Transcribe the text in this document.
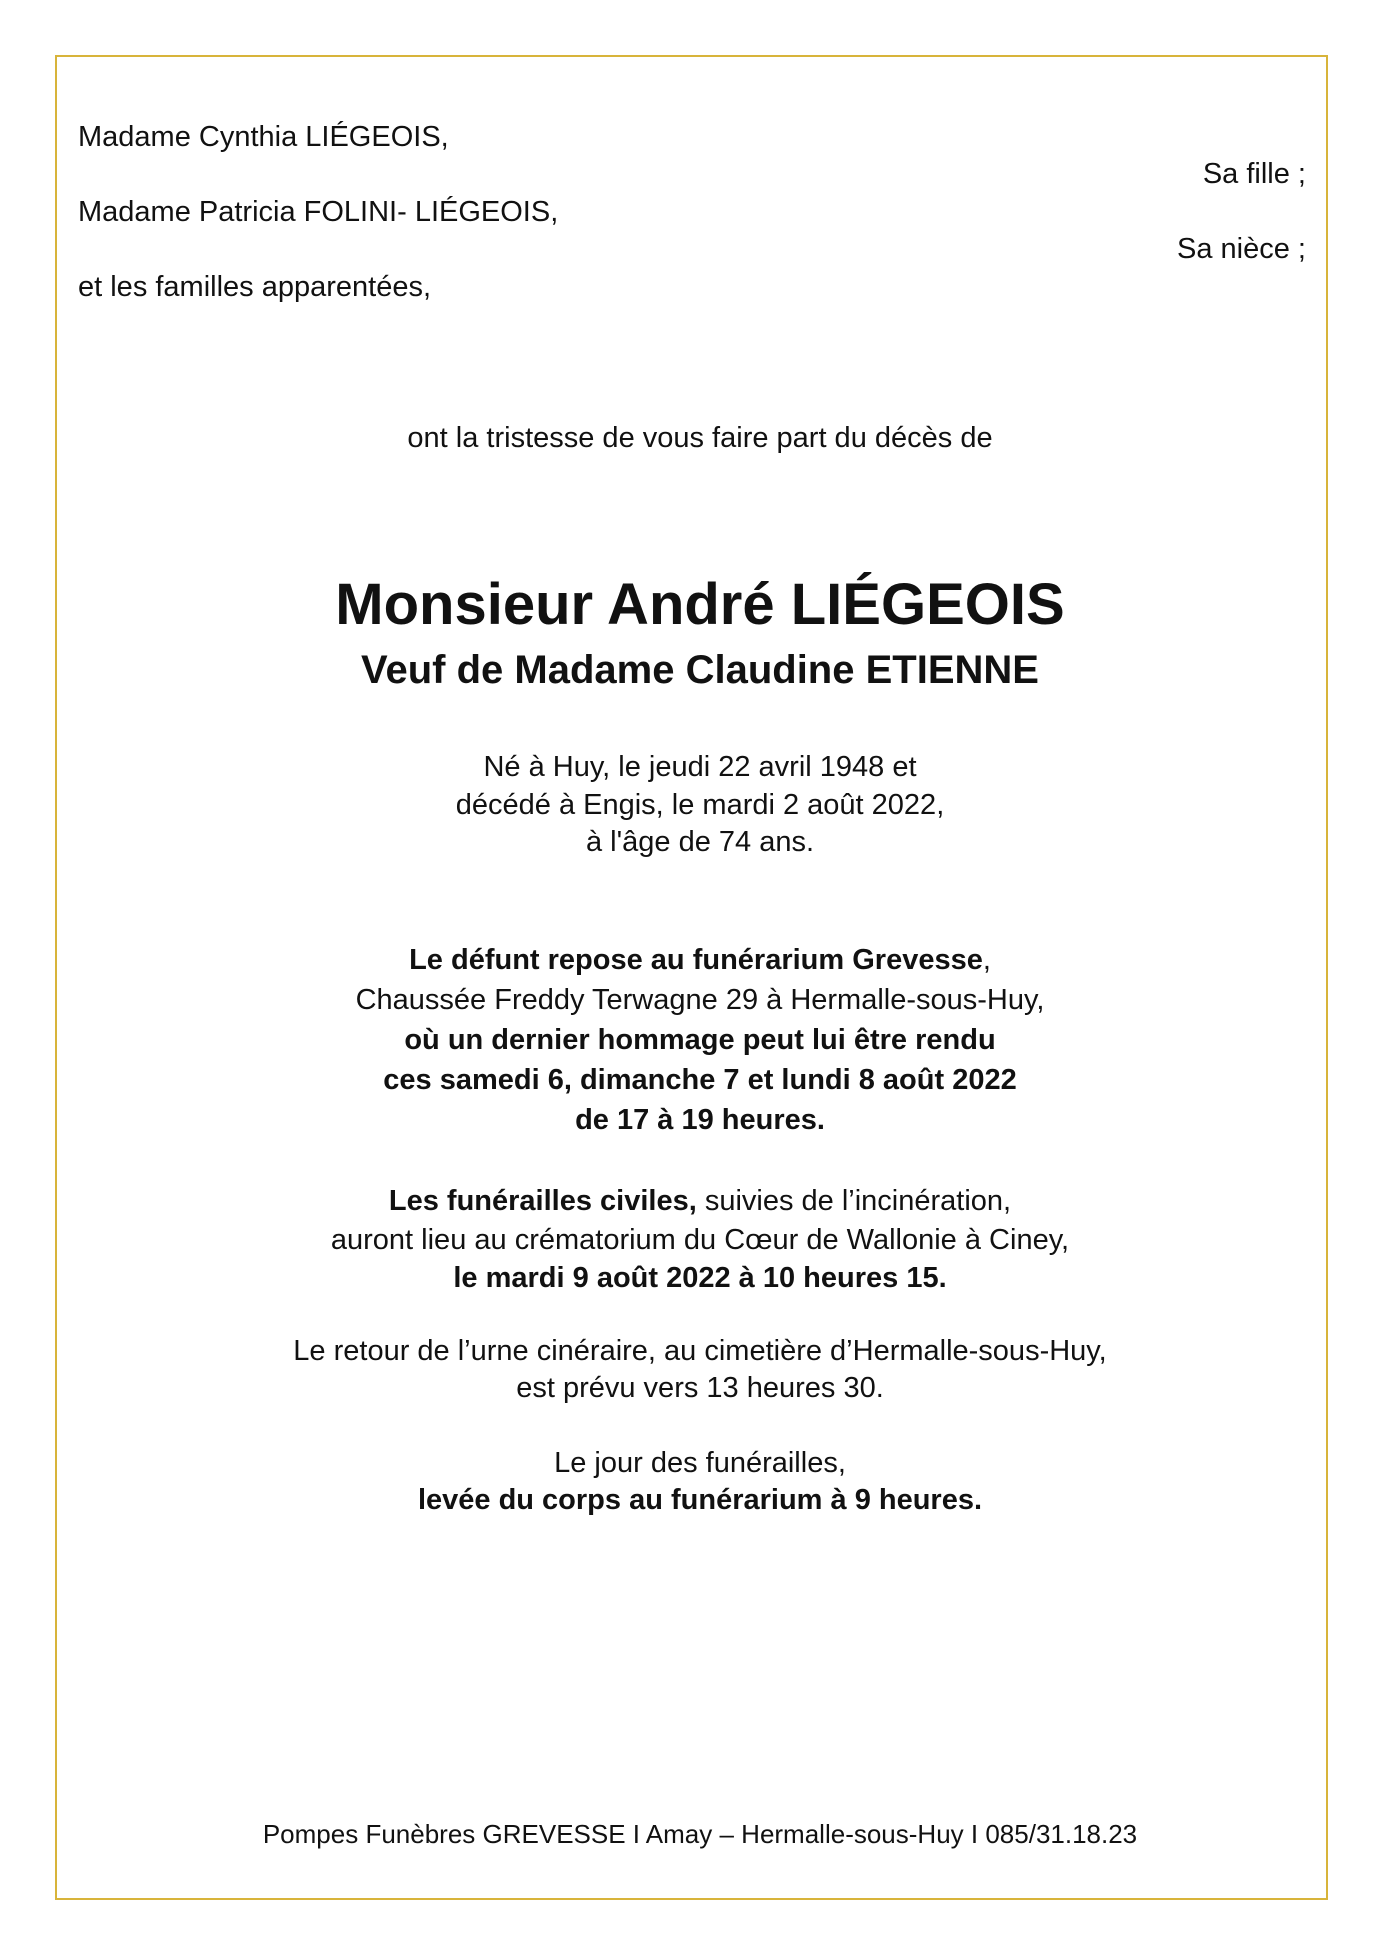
Madame Cynthia LIÉGEOIS,
Sa fille ;
Madame Patricia FOLINI- LIÉGEOIS,
Sa nièce ;
et les familles apparentées,
ont la tristesse de vous faire part du décès de
Monsieur André LIÉGEOIS
Veuf de Madame Claudine ETIENNE
Né à Huy, le jeudi 22 avril 1948 et
décédé à Engis, le mardi 2 août 2022,
à l'âge de 74 ans.
Le défunt repose au funérarium Grevesse,
Chaussée Freddy Terwagne 29 à Hermalle-sous-Huy,
où un dernier hommage peut lui être rendu
ces samedi 6, dimanche 7 et lundi 8 août 2022
de 17 à 19 heures.
Les funérailles civiles, suivies de l’incinération,
auront lieu au crématorium du Cœur de Wallonie à Ciney,
le mardi 9 août 2022 à 10 heures 15.
Le retour de l’urne cinéraire, au cimetière d’Hermalle-sous-Huy,
est prévu vers 13 heures 30.
Le jour des funérailles,
levée du corps au funérarium à 9 heures.
Pompes Funèbres GREVESSE I Amay – Hermalle-sous-Huy I 085/31.18.23
